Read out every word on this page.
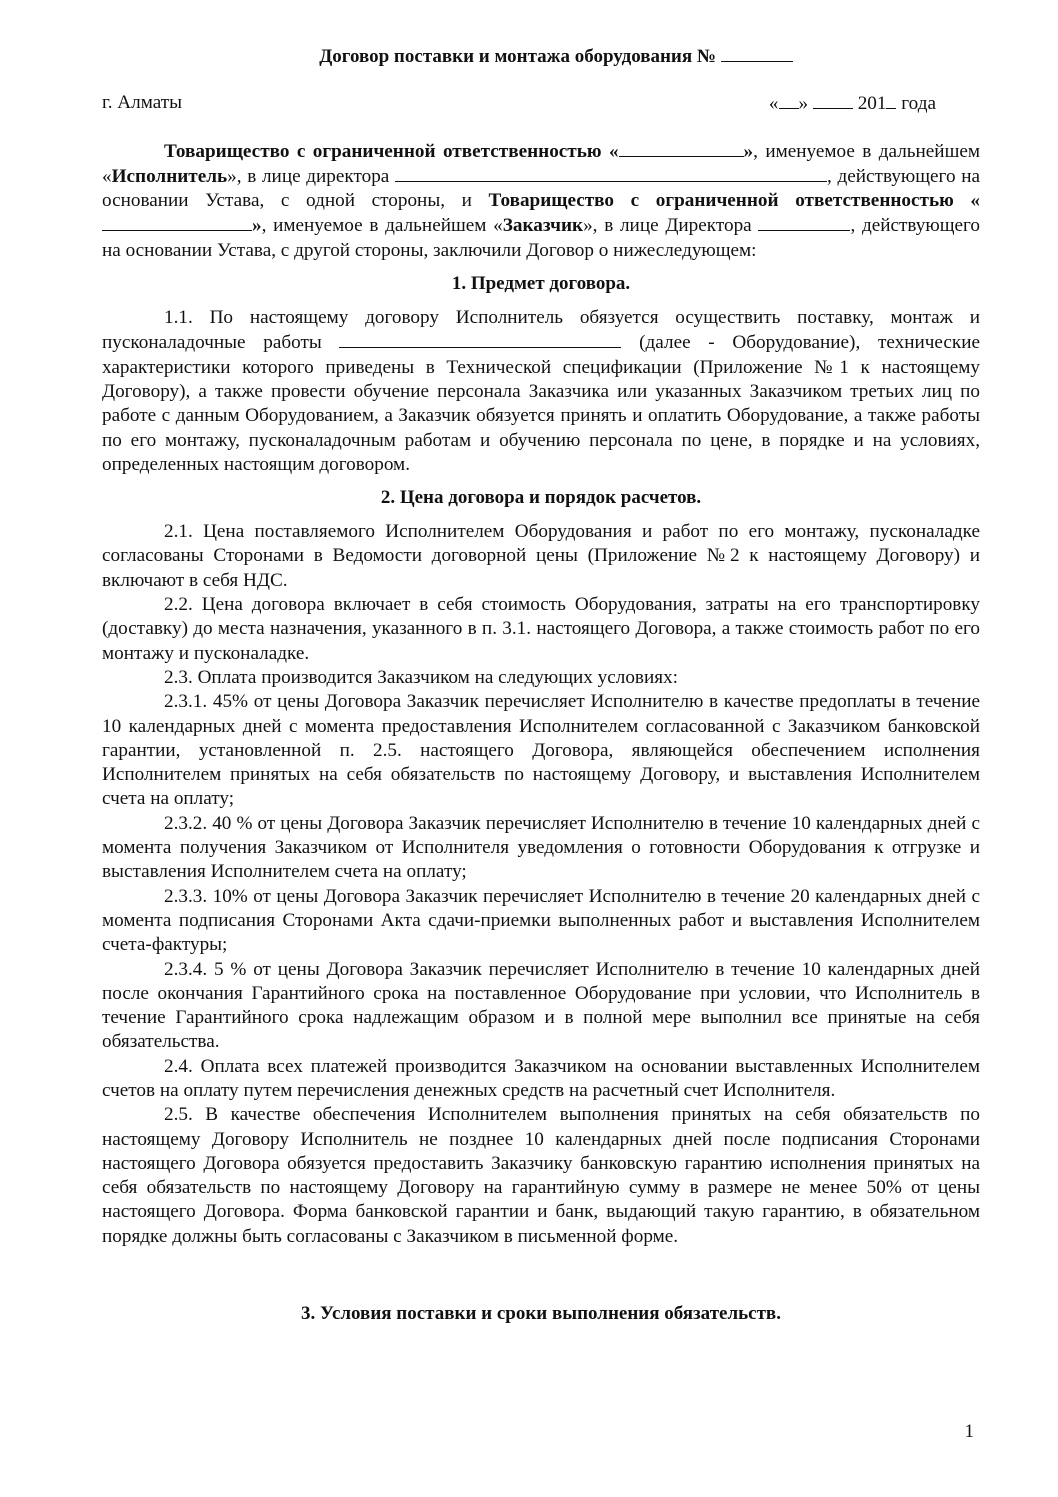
Договор поставки и монтажа оборудования №
г. Алматы	« »	201 года

Товарищество с ограниченной ответственностью «	», именуемое в дальнейшем «Исполнитель», в лице директора	, действующего на основании Устава, с одной стороны, и Товарищество с ограниченной ответственностью «», именуемое в дальнейшем «Заказчик», в лице Директора	, действующего на основании Устава, с другой стороны, заключили Договор о нижеследующем:

1. Предмет договора.

1.1. По настоящему договору Исполнитель обязуется осуществить поставку, монтаж и пусконаладочные работы	(далее - Оборудование), технические характеристики которого приведены в Технической спецификации (Приложение №1 к настоящему Договору), а также провести обучение персонала Заказчика или указанных Заказчиком третьих лиц по работе с данным Оборудованием, а Заказчик обязуется принять и оплатить Оборудование, а также работы по его монтажу, пусконаладочным работам и обучению персонала по цене, в порядке и на условиях, определенных настоящим договором.

2. Цена договора и порядок расчетов.

2.1. Цена поставляемого Исполнителем Оборудования и работ по его монтажу, пусконаладке согласованы Сторонами в Ведомости договорной цены (Приложение №2 к настоящему Договору) и включают в себя НДС.

2.2. Цена договора включает в себя стоимость Оборудования, затраты на его транспортировку (доставку) до места назначения, указанного в п. 3.1. настоящего Договора, а также стоимость работ по его монтажу и пусконаладке.

2.3. Оплата производится Заказчиком на следующих условиях:

2.3.1. 45% от цены Договора Заказчик перечисляет Исполнителю в качестве предоплаты в течение 10 календарных дней с момента предоставления Исполнителем согласованной с Заказчиком банковской гарантии, установленной п. 2.5. настоящего Договора, являющейся обеспечением исполнения Исполнителем принятых на себя обязательств по настоящему Договору, и выставления Исполнителем счета на оплату;

2.3.2. 40 % от цены Договора Заказчик перечисляет Исполнителю в течение 10 календарных дней с момента получения Заказчиком от Исполнителя уведомления о готовности Оборудования к отгрузке и выставления Исполнителем счета на оплату;

2.3.3. 10% от цены Договора Заказчик перечисляет Исполнителю в течение 20 календарных дней с момента подписания Сторонами Акта сдачи-приемки выполненных работ и выставления Исполнителем счета-фактуры;

2.3.4. 5 % от цены Договора Заказчик перечисляет Исполнителю в течение 10 календарных дней после окончания Гарантийного срока на поставленное Оборудование при условии, что Исполнитель в течение Гарантийного срока надлежащим образом и в полной мере выполнил все принятые на себя обязательства.

2.4. Оплата всех платежей производится Заказчиком на основании выставленных Исполнителем счетов на оплату путем перечисления денежных средств на расчетный счет Исполнителя.

2.5. В качестве обеспечения Исполнителем выполнения принятых на себя обязательств по настоящему Договору Исполнитель не позднее 10 календарных дней после подписания Сторонами настоящего Договора обязуется предоставить Заказчику банковскую гарантию исполнения принятых на себя обязательств по настоящему Договору на гарантийную сумму в размере не менее 50% от цены настоящего Договора. Форма банковской гарантии и банк, выдающий такую гарантию, в обязательном порядке должны быть согласованы с Заказчиком в письменной форме.

3. Условия поставки и сроки выполнения обязательств.
1
